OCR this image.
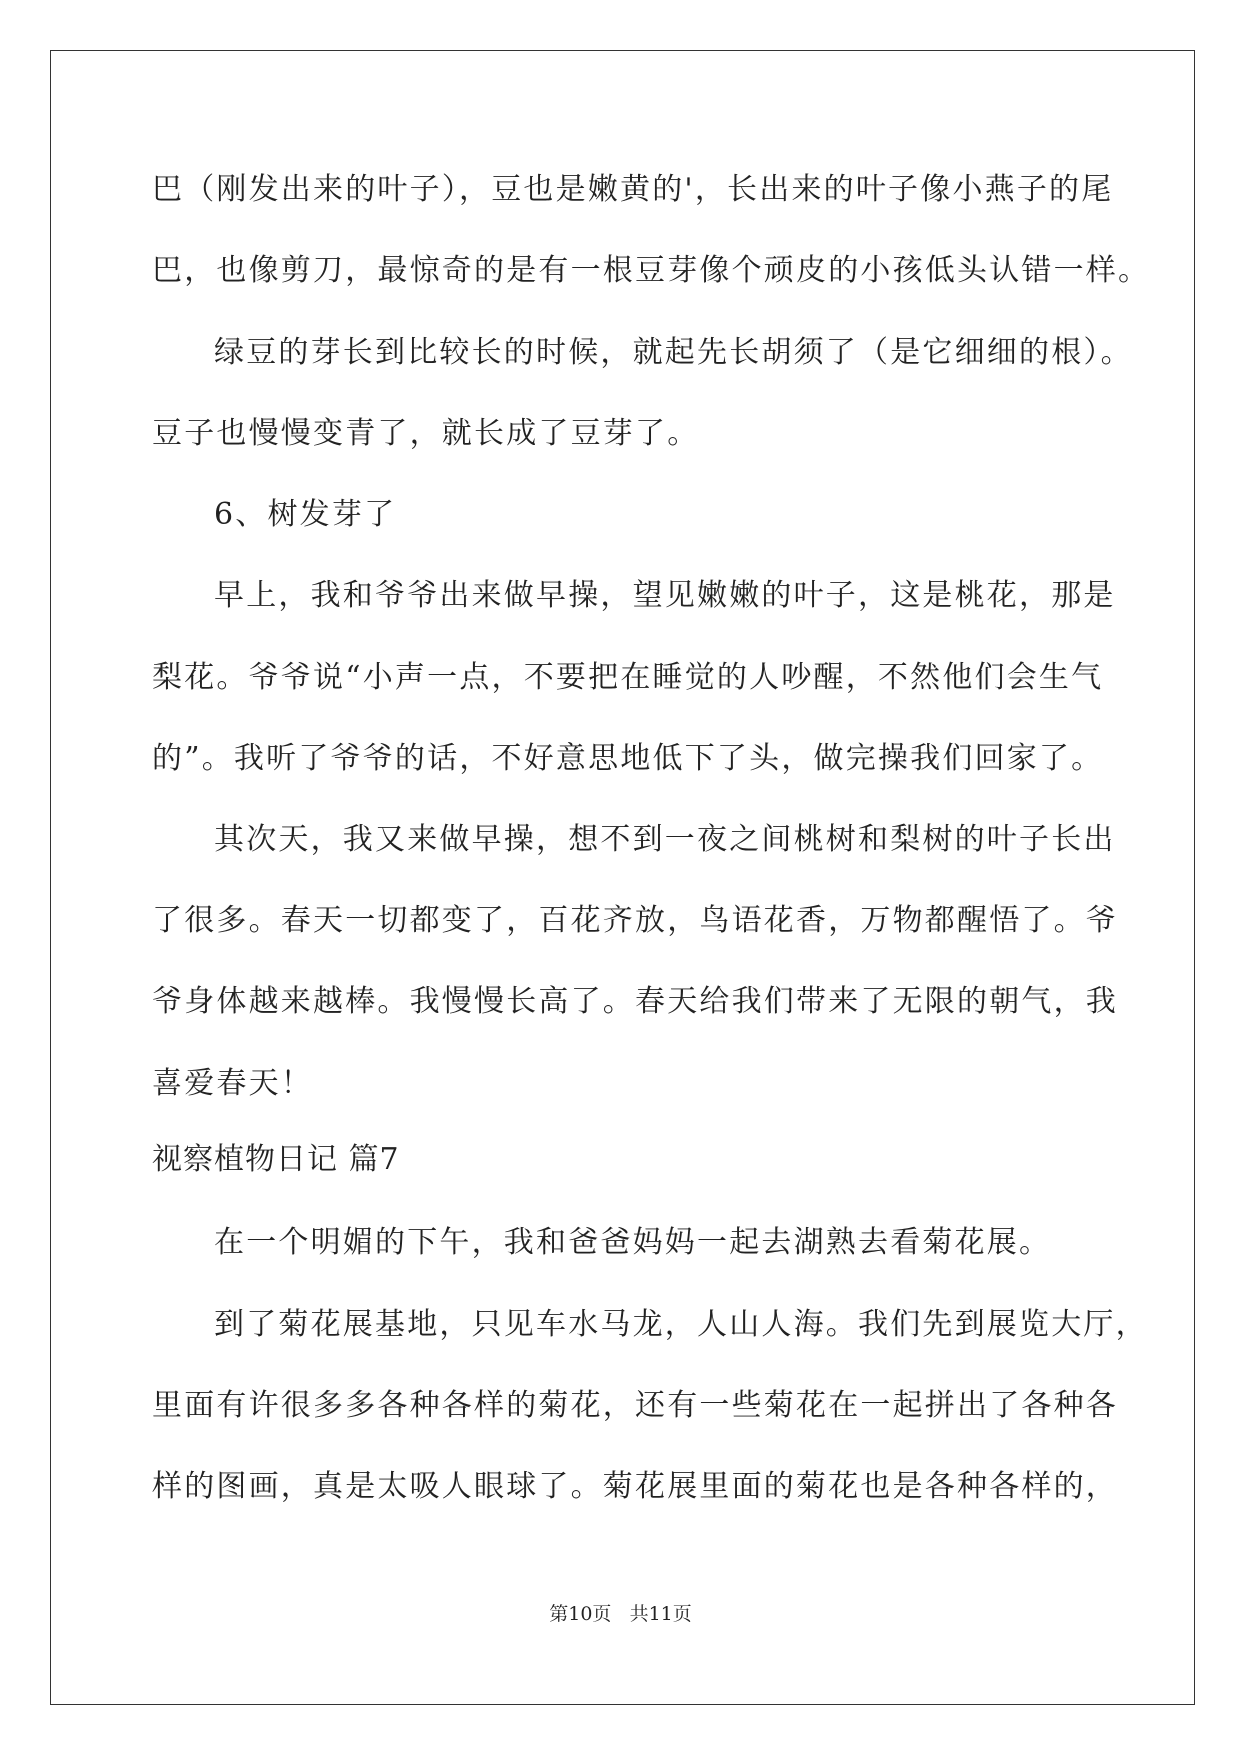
巴（刚发出来的叶子），豆也是嫩黄的'，长出来的叶子像小燕子的尾
巴，也像剪刀，最惊奇的是有一根豆芽像个顽皮的小孩低头认错一样。
绿豆的芽长到比较长的时候，就起先长胡须了（是它细细的根）。
豆子也慢慢变青了，就长成了豆芽了。
6、树发芽了
早上，我和爷爷出来做早操，望见嫩嫩的叶子，这是桃花，那是
梨花。爷爷说“小声一点，不要把在睡觉的人吵醒，不然他们会生气
的”。我听了爷爷的话，不好意思地低下了头，做完操我们回家了。
其次天，我又来做早操，想不到一夜之间桃树和梨树的叶子长出
了很多。春天一切都变了，百花齐放，鸟语花香，万物都醒悟了。爷
爷身体越来越棒。我慢慢长高了。春天给我们带来了无限的朝气，我
喜爱春天！
视察植物日记 篇7
在一个明媚的下午，我和爸爸妈妈一起去湖熟去看菊花展。
到了菊花展基地，只见车水马龙，人山人海。我们先到展览大厅，
里面有许很多多各种各样的菊花，还有一些菊花在一起拼出了各种各
样的图画，真是太吸人眼球了。菊花展里面的菊花也是各种各样的，
第10页 共11页
